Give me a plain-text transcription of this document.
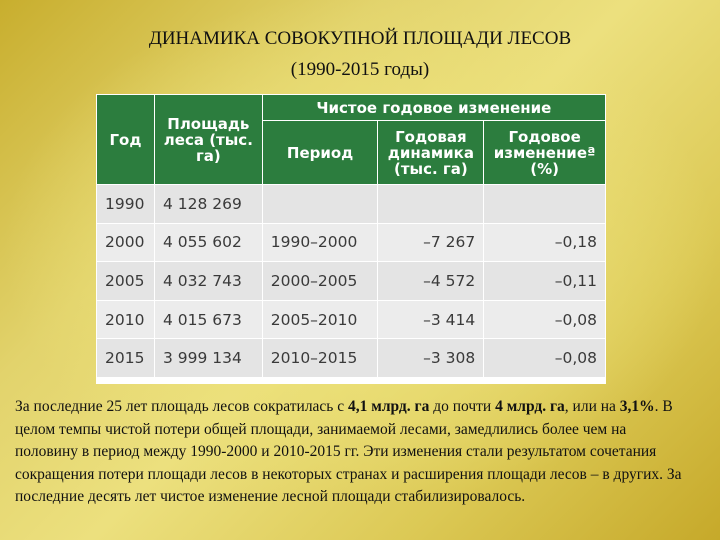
ДИНАМИКА СОВОКУПНОЙ ПЛОЩАДИ ЛЕСОВ
(1990-2015 годы)
Год	Площадь леса (тыс. га)	Чистое годовое изменение		
		Период	Годовая динамика (тыс. га)	Годовое изменениеª (%)
1990	4 128 269			
2000	4 055 602	1990–2000	–7 267	–0,18
2005	4 032 743	2000–2005	–4 572	–0,11
2010	4 015 673	2005–2010	–3 414	–0,08
2015	3 999 134	2010–2015	–3 308	–0,08

За последние 25 лет площадь лесов сократилась с 4,1 млрд. га до почти 4 млрд. га, или на 3,1%. В целом темпы чистой потери общей площади, занимаемой лесами, замедлились более чем на половину в период между 1990-2000 и 2010-2015 гг. Эти изменения стали результатом сочетания сокращения потери площади лесов в некоторых странах и расширения площади лесов – в других. За последние десять лет чистое изменение лесной площади стабилизировалось.
